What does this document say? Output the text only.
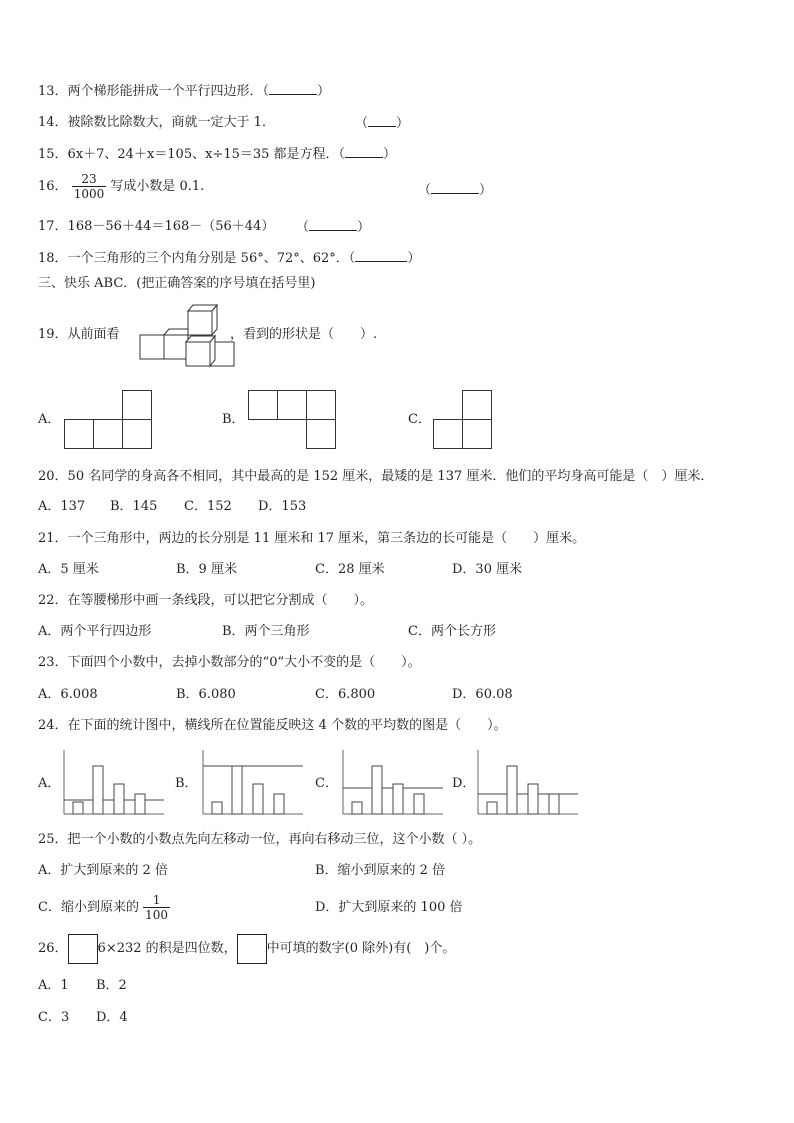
13．两个梯形能拼成一个平行四边形．（	）
14．被除数比除数大，商就一定大于 1．	（ ）
15．6x＋7、24＋x＝105、x÷15＝35 都是方程．（	）
16． $\frac{23}{1000}$ 写成小数是 0.1.	（	）
17．168－56＋44＝168－（56＋44） （	）
18．一个三角形的三个内角分别是 56°、72°、62°．（	）
三、快乐 ABC．(把正确答案的序号填在括号里)
19．从前面看	，看到的形状是（　　）.
A．	B．	C．
20．50 名同学的身高各不相同，其中最高的是 152 厘米，最矮的是 137 厘米．他们的平均身高可能是（　）厘米．
A．137 B．145 C．152 D．153
21．一个三角形中，两边的长分别是 11 厘米和 17 厘米，第三条边的长可能是（　　）厘米。
A．5 厘米	B．9 厘米	C．28 厘米	D．30 厘米
22．在等腰梯形中画一条线段，可以把它分割成（　　）。
A．两个平行四边形	B．两个三角形	C．两个长方形
23．下面四个小数中，去掉小数部分的“0”大小不变的是（　　）。
A．6.008	B．6.080	C．6.800	D．60.08
24．在下面的统计图中，横线所在位置能反映这 4 个数的平均数的图是（　　）。
A．	B．	C．	D．
25．把一个小数的小数点先向左移动一位，再向右移动三位，这个小数（ ）。
A．扩大到原来的 2 倍	B．缩小到原来的 2 倍
C．缩小到原来的 $\frac{1}{100}$	D．扩大到原来的 100 倍
26． 6×232 的积是四位数， 中可填的数字(0 除外)有(　)个。
A．1 B．2
C．3 D．4
